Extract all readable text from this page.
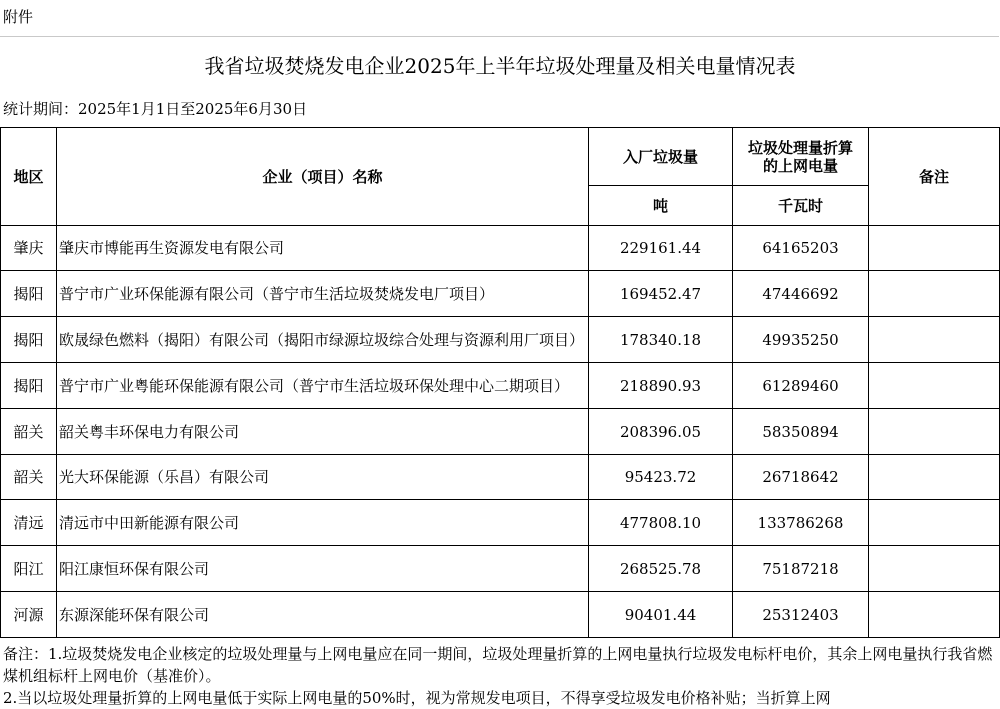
附件
我省垃圾焚烧发电企业2025年上半年垃圾处理量及相关电量情况表
统计期间：2025年1月1日至2025年6月30日
地区	企业（项目）名称	入厂垃圾量	垃圾处理量折算的上网电量	备注
		吨	千瓦时	
肇庆	肇庆市博能再生资源发电有限公司	229161.44	64165203	
揭阳	普宁市广业环保能源有限公司（普宁市生活垃圾焚烧发电厂项目）	169452.47	47446692	
揭阳	欧晟绿色燃料（揭阳）有限公司（揭阳市绿源垃圾综合处理与资源利用厂项目）	178340.18	49935250	
揭阳	普宁市广业粤能环保能源有限公司（普宁市生活垃圾环保处理中心二期项目）	218890.93	61289460	
韶关	韶关粤丰环保电力有限公司	208396.05	58350894	
韶关	光大环保能源（乐昌）有限公司	95423.72	26718642	
清远	清远市中田新能源有限公司	477808.10	133786268	
阳江	阳江康恒环保有限公司	268525.78	75187218	
河源	东源深能环保有限公司	90401.44	25312403	
备注：1.垃圾焚烧发电企业核定的垃圾处理量与上网电量应在同一期间，垃圾处理量折算的上网电量执行垃圾发电标杆电价，其余上网电量执行我省燃煤机组标杆上网电价（基准价）。
2.当以垃圾处理量折算的上网电量低于实际上网电量的50%时，视为常规发电项目，不得享受垃圾发电价格补贴；当折算上网
